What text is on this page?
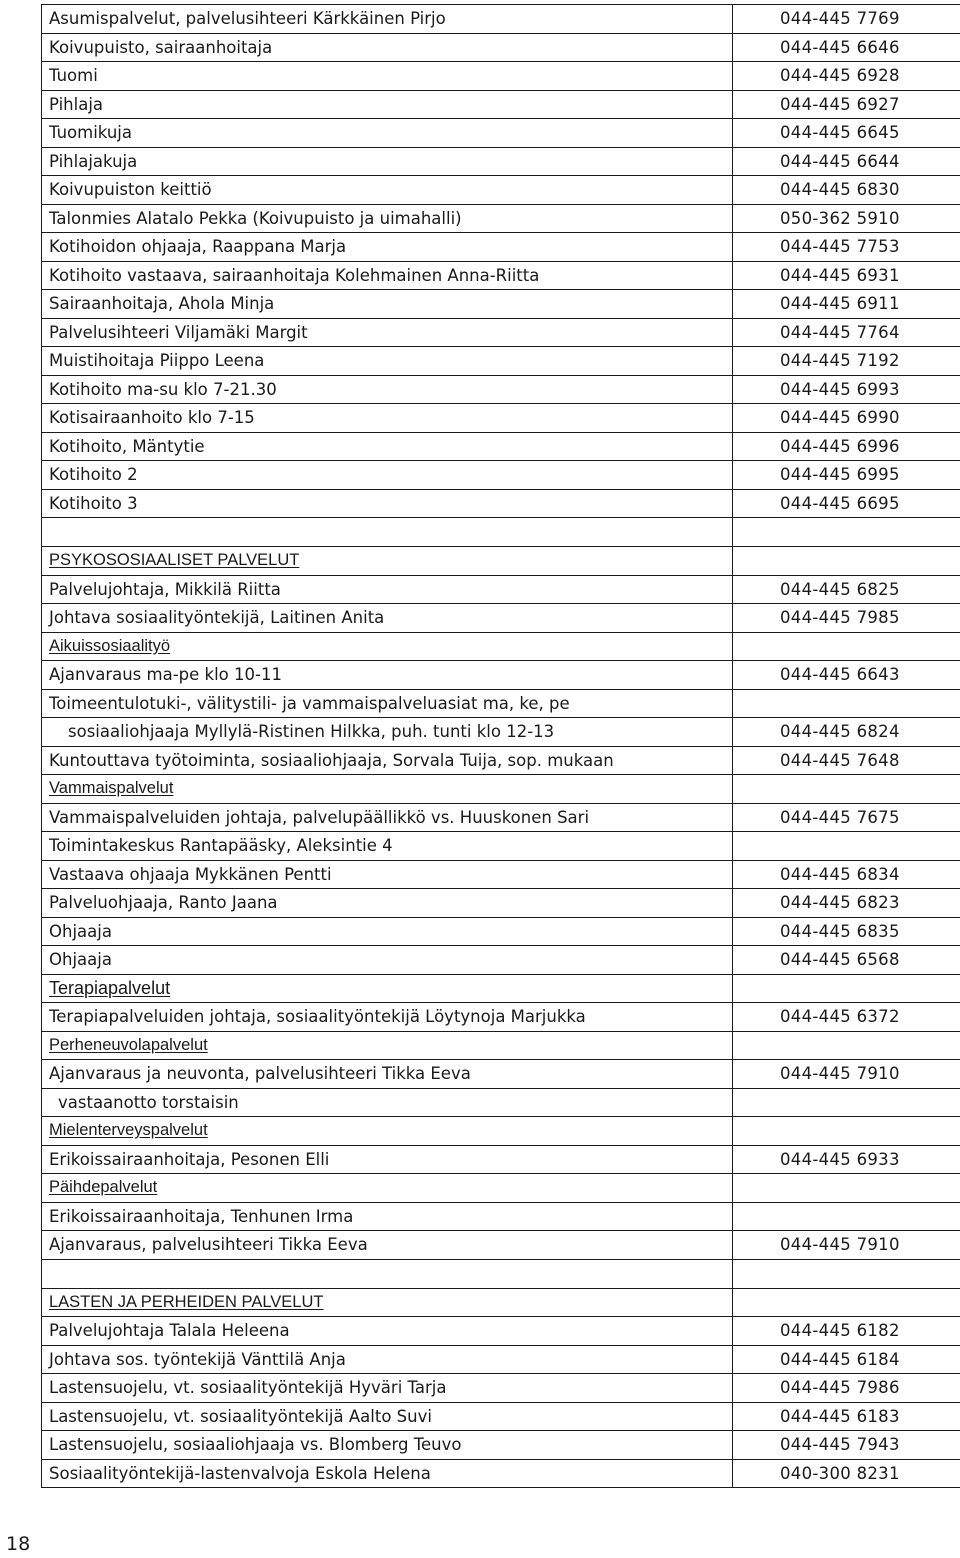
Asumispalvelut, palvelusihteeri Kärkkäinen Pirjo	044-445 7769
Koivupuisto, sairaanhoitaja	044-445 6646
Tuomi	044-445 6928
Pihlaja	044-445 6927
Tuomikuja	044-445 6645
Pihlajakuja	044-445 6644
Koivupuiston keittiö	044-445 6830
Talonmies Alatalo Pekka (Koivupuisto ja uimahalli)	050-362 5910
Kotihoidon ohjaaja, Raappana Marja	044-445 7753
Kotihoito vastaava, sairaanhoitaja Kolehmainen Anna-Riitta	044-445 6931
Sairaanhoitaja, Ahola Minja	044-445 6911
Palvelusihteeri Viljamäki Margit	044-445 7764
Muistihoitaja Piippo Leena	044-445 7192
Kotihoito ma-su klo 7-21.30	044-445 6993
Kotisairaanhoito klo 7-15	044-445 6990
Kotihoito, Mäntytie	044-445 6996
Kotihoito 2	044-445 6995
Kotihoito 3	044-445 6695

PSYKOSOSIAALISET PALVELUT	
Palvelujohtaja, Mikkilä Riitta	044-445 6825
Johtava sosiaalityöntekijä, Laitinen Anita	044-445 7985
Aikuissosiaalityö	
Ajanvaraus ma-pe klo 10-11	044-445 6643
Toimeentulotuki-, välitystili- ja vammaispalveluasiat ma, ke, pe	
sosiaaliohjaaja Myllylä-Ristinen Hilkka, puh. tunti klo 12-13	044-445 6824
Kuntouttava työtoiminta, sosiaaliohjaaja, Sorvala Tuija, sop. mukaan	044-445 7648
Vammaispalvelut	
Vammaispalveluiden johtaja, palvelupäällikkö vs. Huuskonen Sari	044-445 7675
Toimintakeskus Rantapääsky, Aleksintie 4	
Vastaava ohjaaja Mykkänen Pentti	044-445 6834
Palveluohjaaja, Ranto Jaana	044-445 6823
Ohjaaja	044-445 6835
Ohjaaja	044-445 6568
Terapiapalvelut	
Terapiapalveluiden johtaja, sosiaalityöntekijä Löytynoja Marjukka	044-445 6372
Perheneuvolapalvelut	
Ajanvaraus ja neuvonta, palvelusihteeri Tikka Eeva	044-445 7910
vastaanotto torstaisin	
Mielenterveyspalvelut	
Erikoissairaanhoitaja, Pesonen Elli	044-445 6933
Päihdepalvelut	
Erikoissairaanhoitaja, Tenhunen Irma	
Ajanvaraus, palvelusihteeri Tikka Eeva	044-445 7910

LASTEN JA PERHEIDEN PALVELUT	
Palvelujohtaja Talala Heleena	044-445 6182
Johtava sos. työntekijä Vänttilä Anja	044-445 6184
Lastensuojelu, vt. sosiaalityöntekijä Hyväri Tarja	044-445 7986
Lastensuojelu, vt. sosiaalityöntekijä Aalto Suvi	044-445 6183
Lastensuojelu, sosiaaliohjaaja vs. Blomberg Teuvo	044-445 7943
Sosiaalityöntekijä-lastenvalvoja Eskola Helena	040-300 8231
18
